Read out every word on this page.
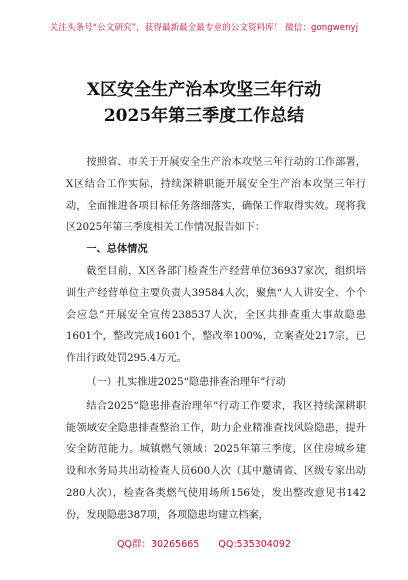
关注头条号“公文研究”，获得最新最全最专业的公文资料库！ 微信：gongwenyj
X区安全生产治本攻坚三年行动
2025年第三季度工作总结

按照省、市关于开展安全生产治本攻坚三年行动的工作部署，X区结合工作实际，持续深耕职能开展安全生产治本攻坚三年行动，全面推进各项目标任务落细落实，确保工作取得实效。现将我区2025年第三季度相关工作情况报告如下：

一、总体情况

截至目前，X区各部门检查生产经营单位36937家次，组织培训生产经营单位主要负责人39584人次，聚焦“人人讲安全、个个会应急”开展安全宣传238537人次，全区共排查重大事故隐患1601个，整改完成1601个，整改率100%，立案查处217宗，已作出行政处罚295.4万元。

（一）扎实推进2025“隐患排查治理年”行动

结合2025“隐患排查治理年”行动工作要求，我区持续深耕职能领域安全隐患排查整治工作，助力企业精准查找风险隐患，提升安全防范能力。城镇燃气领域：2025年第三季度，区住房城乡建设和水务局共出动检查人员600人次（其中邀请省、区级专家出动280人次），检查各类燃气使用场所156处，发出整改意见书142份，发现隐患387项，各项隐患均建立档案，

QQ群：30265665 QQ:535304092
